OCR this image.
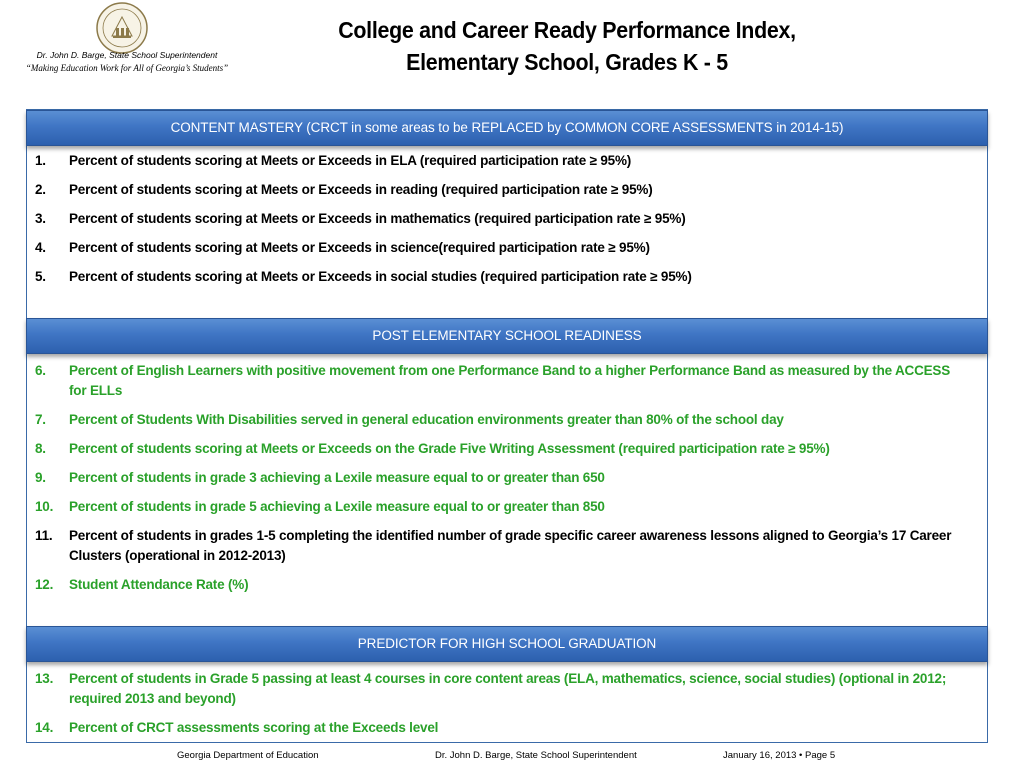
Dr. John D. Barge, State School Superintendent
“Making Education Work for All of Georgia’s Students”
College and Career Ready Performance Index,
Elementary School, Grades K - 5
CONTENT MASTERY (CRCT in some areas to be REPLACED by COMMON CORE ASSESSMENTS in 2014-15)
1. Percent of students scoring at Meets or Exceeds in ELA (required participation rate ≥ 95%)
2. Percent of students scoring at Meets or Exceeds in reading (required participation rate ≥ 95%)
3. Percent of students scoring at Meets or Exceeds in mathematics (required participation rate ≥ 95%)
4. Percent of students scoring at Meets or Exceeds in science(required participation rate ≥ 95%)
5. Percent of students scoring at Meets or Exceeds in social studies (required participation rate ≥ 95%)
POST ELEMENTARY SCHOOL READINESS
6. Percent of English Learners with positive movement from one Performance Band to a higher Performance Band as measured by the ACCESS for ELLs
7. Percent of Students With Disabilities served in general education environments greater than 80% of the school day
8. Percent of students scoring at Meets or Exceeds on the Grade Five Writing Assessment (required participation rate ≥ 95%)
9. Percent of students in grade 3 achieving a Lexile measure equal to or greater than 650
10. Percent of students in grade 5 achieving a Lexile measure equal to or greater than 850
11. Percent of students in grades 1-5 completing the identified number of grade specific career awareness lessons aligned to Georgia’s 17 Career Clusters (operational in 2012-2013)
12. Student Attendance Rate (%)
PREDICTOR FOR HIGH SCHOOL GRADUATION
13. Percent of students in Grade 5 passing at least 4 courses in core content areas (ELA, mathematics, science, social studies) (optional in 2012; required 2013 and beyond)
14. Percent of CRCT assessments scoring at the Exceeds level
Georgia Department of Education	Dr. John D. Barge, State School Superintendent	January 16, 2013 • Page 5
